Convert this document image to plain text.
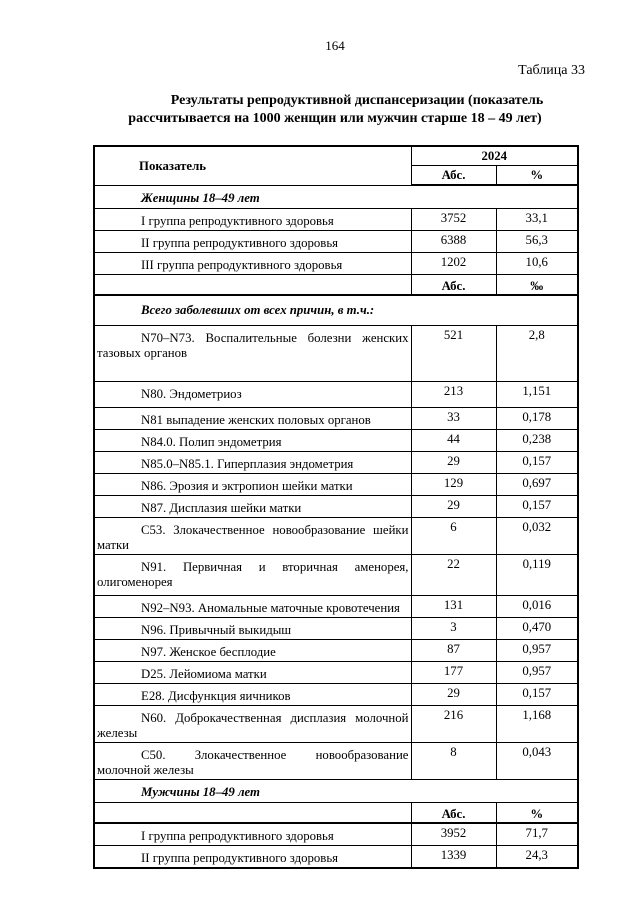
164
Таблица 33
Результаты репродуктивной диспансеризации (показатель
рассчитывается на 1000 женщин или мужчин старше 18 – 49 лет)
Показатель	2024	
	Абс.	%
Женщины 18–49 лет		
I группа репродуктивного здоровья	3752	33,1
II группа репродуктивного здоровья	6388	56,3
III группа репродуктивного здоровья	1202	10,6
	Абс.	‰
Всего заболевших от всех причин, в т.ч.:		
N70–N73. Воспалительные болезни женских тазовых органов	521	2,8
N80. Эндометриоз	213	1,151
N81 выпадение женских половых органов	33	0,178
N84.0. Полип эндометрия	44	0,238
N85.0–N85.1. Гиперплазия эндометрия	29	0,157
N86. Эрозия и эктропион шейки матки	129	0,697
N87. Дисплазия шейки матки	29	0,157
C53. Злокачественное новообразование шейки матки	6	0,032
N91. Первичная и вторичная аменорея, олигоменорея	22	0,119
N92–N93. Аномальные маточные кровотечения	131	0,016
N96. Привычный выкидыш	3	0,470
N97. Женское бесплодие	87	0,957
D25. Лейомиома матки	177	0,957
E28. Дисфункция яичников	29	0,157
N60. Доброкачественная дисплазия молочной железы	216	1,168
C50. Злокачественное новообразование молочной железы	8	0,043
Мужчины 18–49 лет		
	Абс.	%
I группа репродуктивного здоровья	3952	71,7
II группа репродуктивного здоровья	1339	24,3
